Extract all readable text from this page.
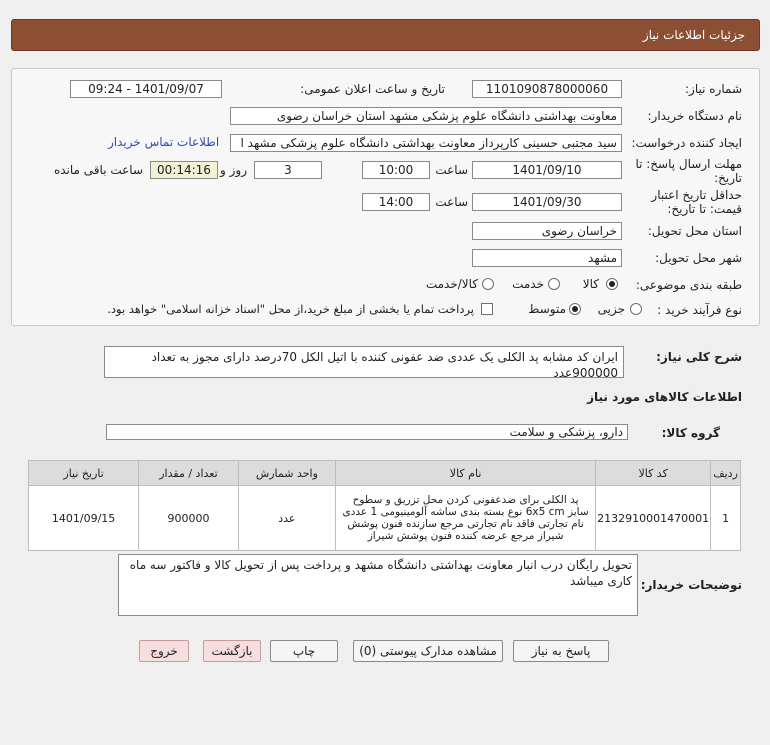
جزئیات اطلاعات نیاز
شماره نیاز:
1101090878000060
تاریخ و ساعت اعلان عمومی:
1401/09/07 - 09:24
نام دستگاه خریدار:
معاونت بهداشتی دانشگاه علوم پزشکی مشهد استان خراسان رضوی
ایجاد کننده درخواست:
سید مجتبی حسینی کارپرداز معاونت بهداشتی دانشگاه علوم پزشکی مشهد ا
اطلاعات تماس خریدار
مهلت ارسال پاسخ: تا
تاریخ:
1401/09/10
ساعت
10:00
3
روز و
00:14:16
ساعت باقی مانده
حداقل تاریخ اعتبار
قیمت: تا تاریخ:
1401/09/30
ساعت
14:00
استان محل تحویل:
خراسان رضوی
شهر محل تحویل:
مشهد
طبقه بندی موضوعی:
کالا
خدمت
کالا/خدمت
نوع فرآیند خرید :
جزیی
متوسط
پرداخت تمام یا بخشی از مبلغ خرید،از محل "اسناد خزانه اسلامی" خواهد بود.
شرح کلی نیاز:
ایران کد مشابه پد الکلی یک عددی ضد عفونی کننده با اتیل الکل 70درصد دارای مجوز به تعداد 900000عدد
اطلاعات کالاهای مورد نیاز
گروه کالا:
دارو، پزشکی و سلامت
ردیف	کد کالا	نام کالا	واحد شمارش	تعداد / مقدار	تاریخ نیاز
1	2132910001470001	پد الکلی برای ضدعفونی کردن محل تزریق و سطوح سایز 6x5 cm نوع بسته بندی ساشه آلومینیومی 1 عددی نام تجارتی فاقد نام تجارتی مرجع سازنده فنون پوشش شیراز مرجع عرضه کننده فنون پوشش شیراز	عدد	900000	1401/09/15
توضیحات خریدار:
تحویل رایگان درب انبار معاونت بهداشتی دانشگاه مشهد و پرداخت پس از تحویل کالا و فاکتور سه ماه کاری میباشد
پاسخ به نیاز
مشاهده مدارک پیوستی (0)
چاپ
بازگشت
خروج
